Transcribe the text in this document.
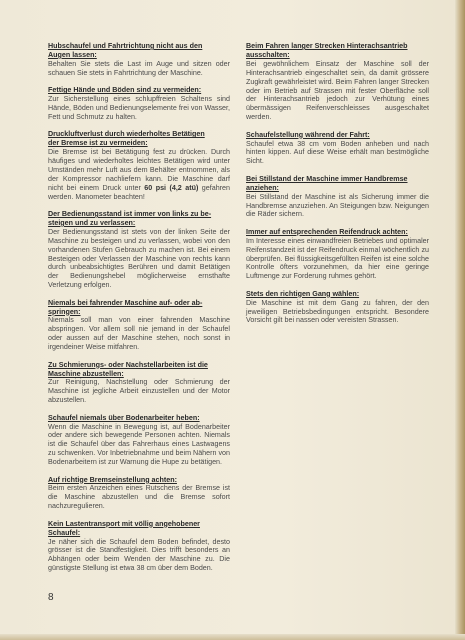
Hubschaufel und Fahrtrichtung nicht aus den
Augen lassen:

Behalten Sie stets die Last im Auge und sitzen oder schauen Sie stets in Fahrtrichtung der Maschine.

Fettige Hände und Böden sind zu vermeiden:

Zur Sicherstellung eines schlupffreien Schaltens sind Hände, Böden und Bedienungselemente frei von Wasser, Fett und Schmutz zu halten.

Druckluftverlust durch wiederholtes Betätigen
der Bremse ist zu vermeiden:

Die Bremse ist bei Betätigung fest zu drücken. Durch häufiges und wiederholtes leichtes Betätigen wird unter Umständen mehr Luft aus dem Behälter entnommen, als der Kompressor nachliefern kann. Die Maschine darf nicht bei einem Druck unter 60 psi (4,2 atü) gefahren werden. Manometer beachten!

Der Bedienungsstand ist immer von links zu be-
steigen und zu verlassen:

Der Bedienungsstand ist stets von der linken Seite der Maschine zu besteigen und zu verlassen, wobei von den vorhandenen Stufen Gebrauch zu machen ist. Bei einem Besteigen oder Verlassen der Maschine von rechts kann durch unbeabsichtigtes Berühren und damit Betätigen der Bedienungshebel möglicherweise ernsthafte Verletzung erfolgen.

Niemals bei fahrender Maschine auf- oder ab-
springen:

Niemals soll man von einer fahrenden Maschine abspringen. Vor allem soll nie jemand in der Schaufel oder aussen auf der Maschine stehen, noch sonst in irgendeiner Weise mitfahren.

Zu Schmierungs- oder Nachstellarbeiten ist die
Maschine abzustellen:

Zur Reinigung, Nachstellung oder Schmierung der Maschine ist jegliche Arbeit einzustellen und der Motor abzustellen.

Schaufel niemals über Bodenarbeiter heben:

Wenn die Maschine in Bewegung ist, auf Bodenarbeiter oder andere sich bewegende Personen achten. Niemals ist die Schaufel über das Fahrerhaus eines Lastwagens zu schwenken. Vor Inbetriebnahme und beim Nähern von Bodenarbeitern ist zur Warnung die Hupe zu betätigen.

Auf richtige Bremseinstellung achten:

Beim ersten Anzeichen eines Rutschens der Bremse ist die Maschine abzustellen und die Bremse sofort nachzuregulieren.

Kein Lastentransport mit völlig angehobener
Schaufel:

Je näher sich die Schaufel dem Boden befindet, desto grösser ist die Standfestigkeit. Dies trifft besonders an Abhängen oder beim Wenden der Maschine zu. Die günstigste Stellung ist etwa 38 cm über dem Boden.

Beim Fahren langer Strecken Hinterachsantrieb
ausschalten:

Bei gewöhnlichem Einsatz der Maschine soll der Hinterachsantrieb eingeschaltet sein, da damit grössere Zugkraft gewährleistet wird. Beim Fahren langer Strecken oder im Betrieb auf Strassen mit fester Oberfläche soll der Hinterachsantrieb jedoch zur Verhütung eines übermässigen Reifenverschleisses ausgeschaltet werden.

Schaufelstellung während der Fahrt:

Schaufel etwa 38 cm vom Boden anheben und nach hinten kippen. Auf diese Weise erhält man bestmögliche Sicht.

Bei Stillstand der Maschine immer Handbremse
anziehen:

Bei Stillstand der Maschine ist als Sicherung immer die Handbremse anzuziehen. An Steigungen bzw. Neigungen die Räder sichern.

Immer auf entsprechenden Reifendruck achten:

Im Interesse eines einwandfreien Betriebes und optimaler Reifenstandzeit ist der Reifendruck einmal wöchentlich zu überprüfen. Bei flüssigkeitsgefüllten Reifen ist eine solche Kontrolle öfters vorzunehmen, da hier eine geringe Luftmenge zur Forderung ruhmes gehört.

Stets den richtigen Gang wählen:

Die Maschine ist mit dem Gang zu fahren, der den jeweiligen Betriebsbedingungen entspricht. Besondere Vorsicht gilt bei nassen oder vereisten Strassen.

8
